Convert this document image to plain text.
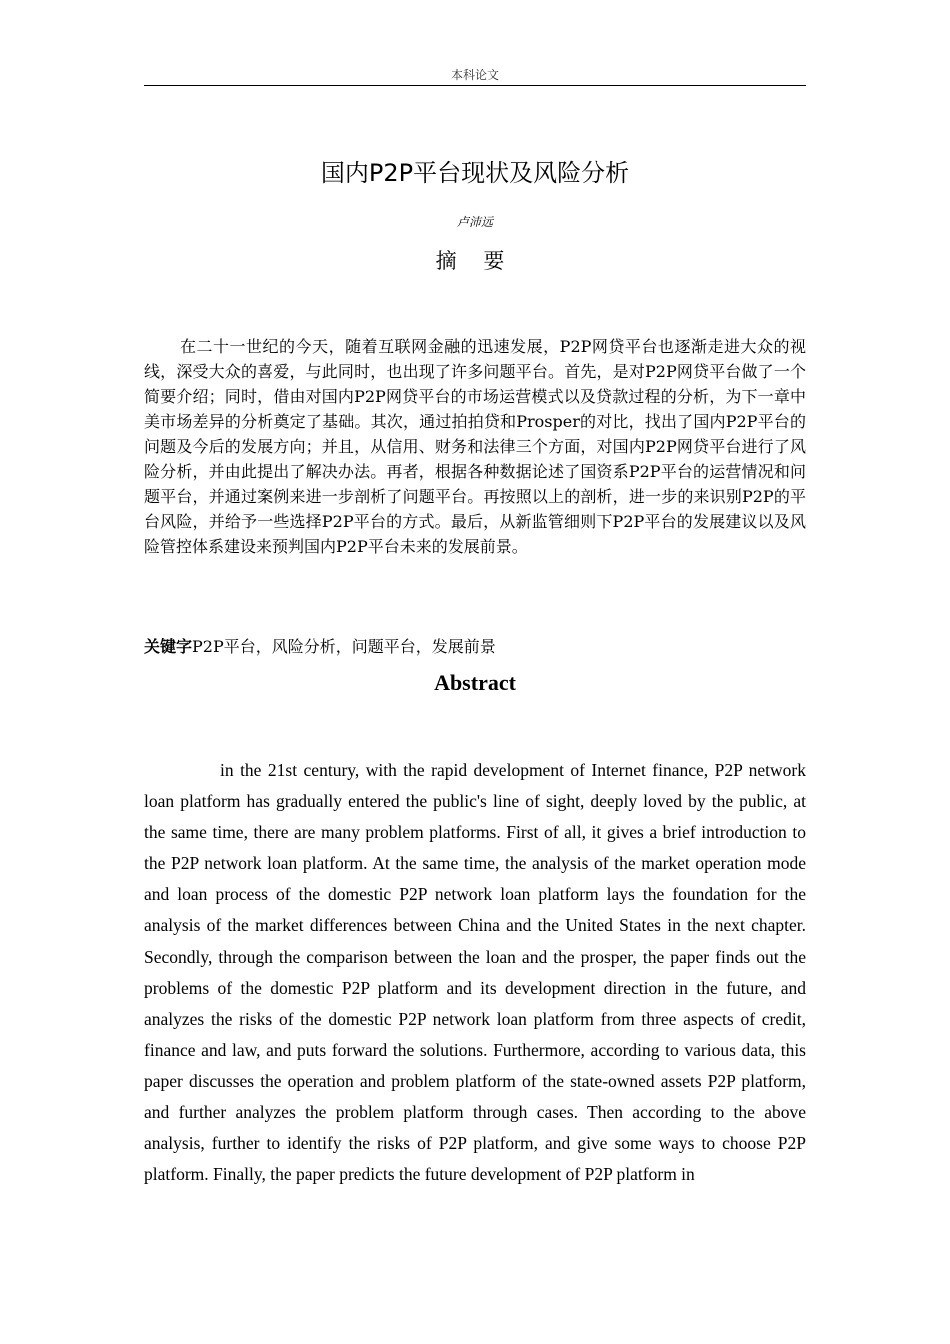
本科论文
国内P2P平台现状及风险分析
卢沛远
摘 要

在二十一世纪的今天，随着互联网金融的迅速发展，P2P网贷平台也逐渐走进大众的视线，深受大众的喜爱，与此同时，也出现了许多问题平台。首先，是对P2P网贷平台做了一个简要介绍；同时，借由对国内P2P网贷平台的市场运营模式以及贷款过程的分析，为下一章中美市场差异的分析奠定了基础。其次，通过拍拍贷和Prosper的对比，找出了国内P2P平台的问题及今后的发展方向；并且，从信用、财务和法律三个方面，对国内P2P网贷平台进行了风险分析，并由此提出了解决办法。再者，根据各种数据论述了国资系P2P平台的运营情况和问题平台，并通过案例来进一步剖析了问题平台。再按照以上的剖析，进一步的来识别P2P的平台风险，并给予一些选择P2P平台的方式。最后，从新监管细则下P2P平台的发展建议以及风险管控体系建设来预判国内P2P平台未来的发展前景。

关键字P2P平台，风险分析，问题平台，发展前景

Abstract

in the 21st century, with the rapid development of Internet finance, P2P network loan platform has gradually entered the public's line of sight, deeply loved by the public, at the same time, there are many problem platforms. First of all, it gives a brief introduction to the P2P network loan platform. At the same time, the analysis of the market operation mode and loan process of the domestic P2P network loan platform lays the foundation for the analysis of the market differences between China and the United States in the next chapter. Secondly, through the comparison between the loan and the prosper, the paper finds out the problems of the domestic P2P platform and its development direction in the future, and analyzes the risks of the domestic P2P network loan platform from three aspects of credit, finance and law, and puts forward the solutions. Furthermore, according to various data, this paper discusses the operation and problem platform of the state-owned assets P2P platform, and further analyzes the problem platform through cases. Then according to the above analysis, further to identify the risks of P2P platform, and give some ways to choose P2P platform. Finally, the paper predicts the future development of P2P platform in
